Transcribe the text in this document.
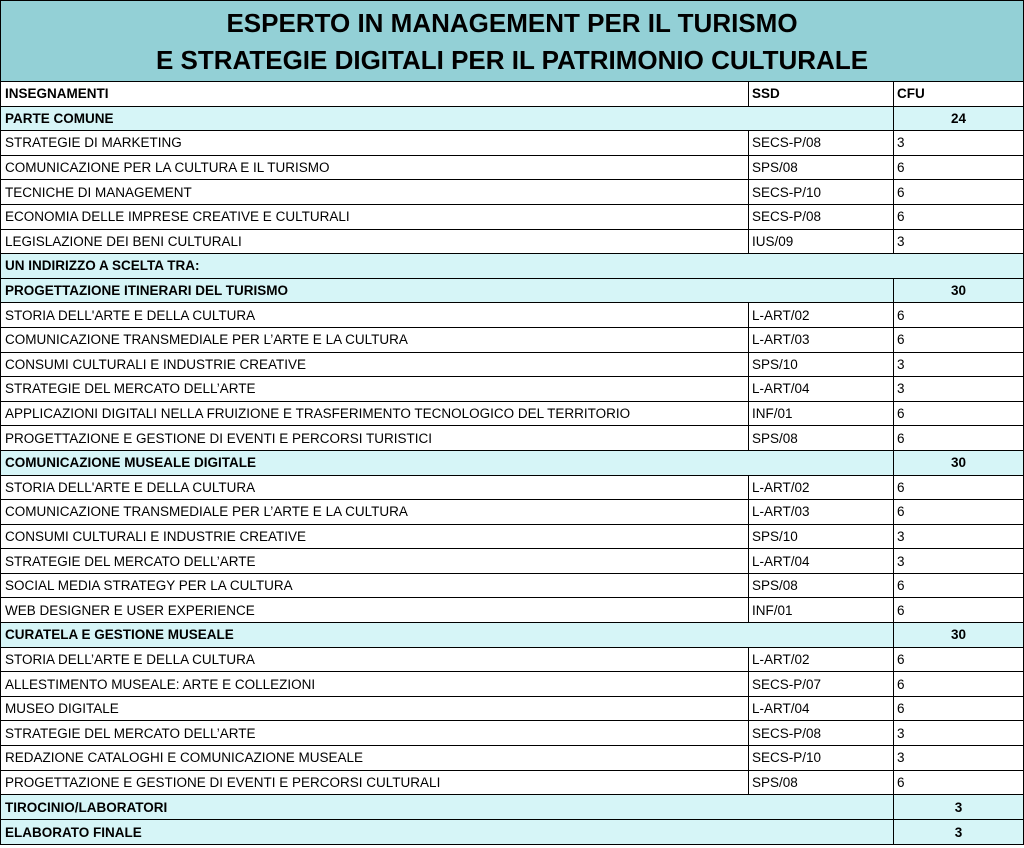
ESPERTO IN MANAGEMENT PER IL TURISMO
E STRATEGIE DIGITALI PER IL PATRIMONIO CULTURALE
INSEGNAMENTI	SSD	CFU
PARTE COMUNE	24
STRATEGIE DI MARKETING	SECS-P/08	3
COMUNICAZIONE PER LA CULTURA E IL TURISMO	SPS/08	6
TECNICHE DI MANAGEMENT	SECS-P/10	6
ECONOMIA DELLE IMPRESE CREATIVE E CULTURALI	SECS-P/08	6
LEGISLAZIONE DEI BENI CULTURALI	IUS/09	3
UN INDIRIZZO A SCELTA TRA:
PROGETTAZIONE ITINERARI DEL TURISMO	30
STORIA DELL'ARTE E DELLA CULTURA	L-ART/02	6
COMUNICAZIONE TRANSMEDIALE PER L’ARTE E LA CULTURA	L-ART/03	6
CONSUMI CULTURALI E INDUSTRIE CREATIVE	SPS/10	3
STRATEGIE DEL MERCATO DELL’ARTE	L-ART/04	3
APPLICAZIONI DIGITALI NELLA FRUIZIONE E TRASFERIMENTO TECNOLOGICO DEL TERRITORIO	INF/01	6
PROGETTAZIONE E GESTIONE DI EVENTI E PERCORSI TURISTICI	SPS/08	6
COMUNICAZIONE MUSEALE DIGITALE	30
STORIA DELL'ARTE E DELLA CULTURA	L-ART/02	6
COMUNICAZIONE TRANSMEDIALE PER L’ARTE E LA CULTURA	L-ART/03	6
CONSUMI CULTURALI E INDUSTRIE CREATIVE	SPS/10	3
STRATEGIE DEL MERCATO DELL’ARTE	L-ART/04	3
SOCIAL MEDIA STRATEGY PER LA CULTURA	SPS/08	6
WEB DESIGNER E USER EXPERIENCE	INF/01	6
CURATELA E GESTIONE MUSEALE	30
STORIA DELL’ARTE E DELLA CULTURA	L-ART/02	6
ALLESTIMENTO MUSEALE: ARTE E COLLEZIONI	SECS-P/07	6
MUSEO DIGITALE	L-ART/04	6
STRATEGIE DEL MERCATO DELL’ARTE	SECS-P/08	3
REDAZIONE CATALOGHI E COMUNICAZIONE MUSEALE	SECS-P/10	3
PROGETTAZIONE E GESTIONE DI EVENTI E PERCORSI CULTURALI	SPS/08	6
TIROCINIO/LABORATORI	3
ELABORATO FINALE	3
